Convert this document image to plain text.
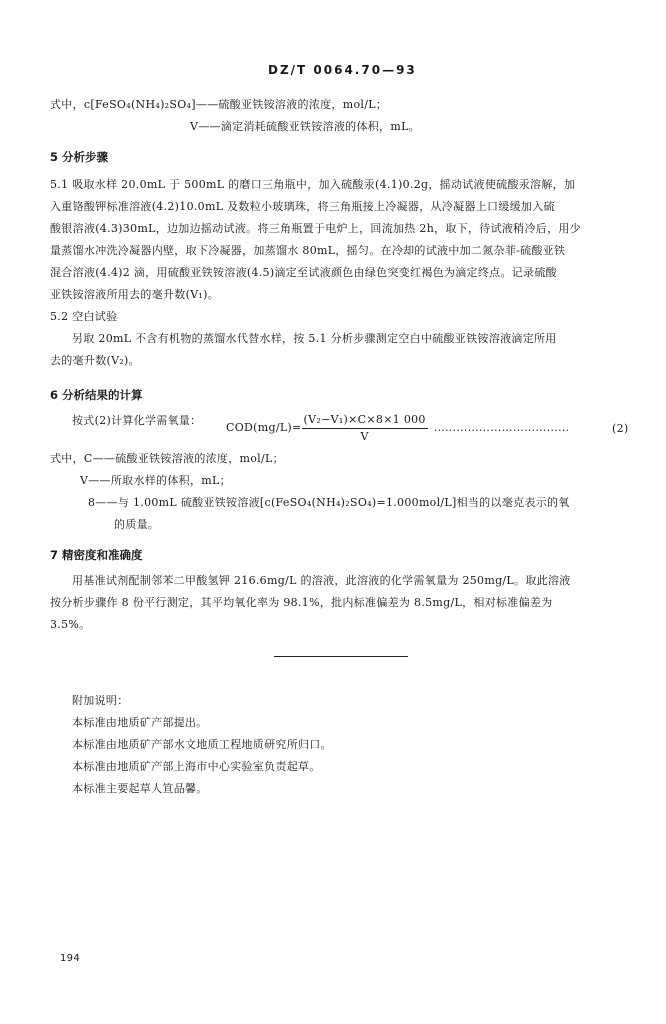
DZ/T 0064.70—93
式中，c[FeSO₄(NH₄)₂SO₄]——硫酸亚铁铵溶液的浓度，mol/L；
V——滴定消耗硫酸亚铁铵溶液的体积，mL。
5 分析步骤
5.1 吸取水样 20.0mL 于 500mL 的磨口三角瓶中，加入硫酸汞(4.1)0.2g，摇动试液使硫酸汞溶解，加
入重铬酸钾标准溶液(4.2)10.0mL 及数粒小玻璃珠，将三角瓶接上冷凝器，从冷凝器上口缓缓加入硫
酸银溶液(4.3)30mL，边加边摇动试液。将三角瓶置于电炉上，回流加热 2h，取下，待试液稍冷后，用少
量蒸馏水冲洗冷凝器内壁，取下冷凝器，加蒸馏水 80mL，摇匀。在冷却的试液中加二氮杂菲-硫酸亚铁
混合溶液(4.4)2 滴，用硫酸亚铁铵溶液(4.5)滴定至试液颜色由绿色突变红褐色为滴定终点。记录硫酸
亚铁铵溶液所用去的毫升数(V₁)。
5.2 空白试验
另取 20mL 不含有机物的蒸馏水代替水样，按 5.1 分析步骤测定空白中硫酸亚铁铵溶液滴定所用
去的毫升数(V₂)。
6 分析结果的计算
按式(2)计算化学需氧量：
$COD(mg/L)= \frac{\text{(V₂−V₁)×C×8×1 000}}{V}$ ………………………………	(2)
式中，C——硫酸亚铁铵溶液的浓度，mol/L；
V——所取水样的体积，mL；
8——与 1.00mL 硫酸亚铁铵溶液[c(FeSO₄(NH₄)₂SO₄)=1.000mol/L]相当的以毫克表示的氧
的质量。
7 精密度和准确度
用基准试剂配制邻苯二甲酸氢钾 216.6mg/L 的溶液，此溶液的化学需氧量为 250mg/L。取此溶液
按分析步骤作 8 份平行测定，其平均氧化率为 98.1%，批内标准偏差为 8.5mg/L，相对标准偏差为
3.5%。
附加说明：
本标准由地质矿产部提出。
本标准由地质矿产部水文地质工程地质研究所归口。
本标准由地质矿产部上海市中心实验室负责起草。
本标准主要起草人笪品馨。
194
